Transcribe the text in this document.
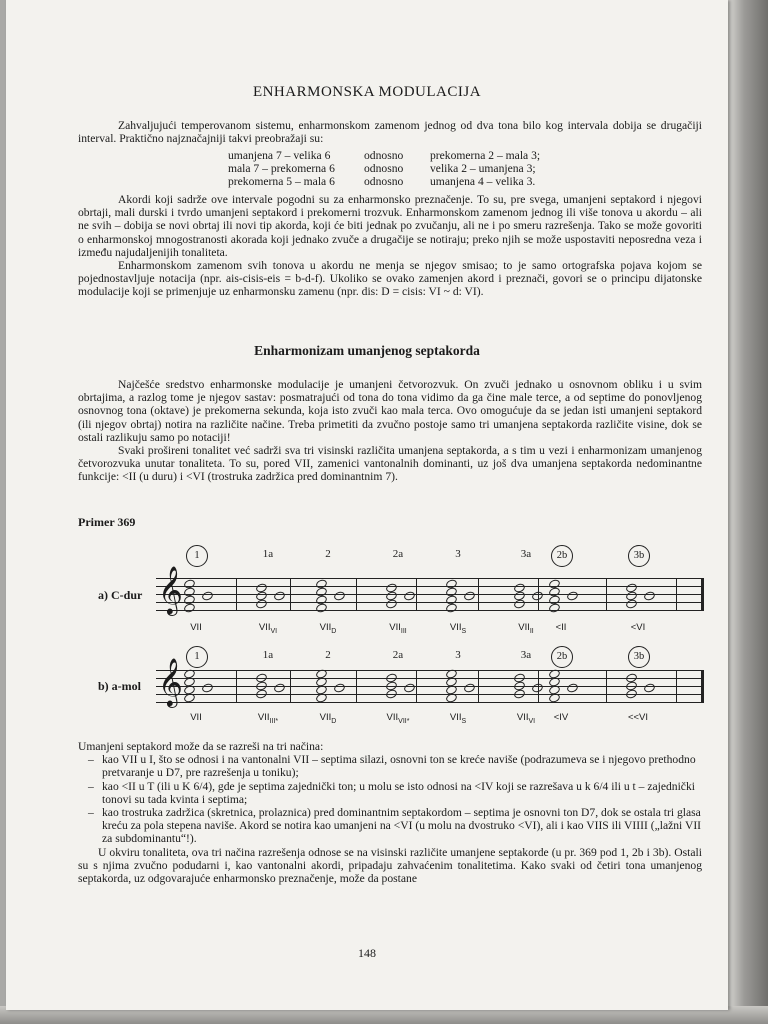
ENHARMONSKA MODULACIJA

Zahvaljujući temperovanom sistemu, enharmonskom zamenom jednog od dva tona bilo kog intervala dobija se drugačiji interval. Praktično najznačajniji takvi preobražaji su:

umanjena 7 – velika 6	odnosno	prekomerna 2 – mala 3;
mala 7 – prekomerna 6	odnosno	velika 2 – umanjena 3;
prekomerna 5 – mala 6	odnosno	umanjena 4 – velika 3.

Akordi koji sadrže ove intervale pogodni su za enharmonsko preznačenje. To su, pre svega, umanjeni septakord i njegovi obrtaji, mali durski i tvrdo umanjeni septakord i prekomerni trozvuk. Enharmonskom zamenom jednog ili više tonova u akordu – ali ne svih – dobija se novi obrtaj ili novi tip akorda, koji će biti jednak po zvučanju, ali ne i po smeru razrešenja. Tako se može govoriti o enharmonskoj mnogostranosti akorada koji jednako zvuče a drugačije se notiraju; preko njih se može uspostaviti neposredna veza i između najudaljenijih tonaliteta.

Enharmonskom zamenom svih tonova u akordu ne menja se njegov smisao; to je samo ortografska pojava kojom se pojednostavljuje notacija (npr. ais-cisis-eis = b-d-f). Ukoliko se ovako zamenjen akord i preznači, govori se o principu dijatonske modulacije koji se primenjuje uz enharmonsku zamenu (npr. dis: D = cisis: VI ~ d: VI).

Enharmonizam umanjenog septakorda

Najčešće sredstvo enharmonske modulacije je umanjeni četvorozvuk. On zvuči jednako u osnovnom obliku i u svim obrtajima, a razlog tome je njegov sastav: posmatrajući od tona do tona vidimo da ga čine male terce, a od septime do ponovljenog osnovnog tona (oktave) je prekomerna sekunda, koja isto zvuči kao mala terca. Ovo omogućuje da se jedan isti umanjeni septakord (ili njegov obrtaj) notira na različite načine. Treba primetiti da zvučno postoje samo tri umanjena septakorda različite visine, dok se ostali razlikuju samo po notaciji!

Svaki prošireni tonalitet već sadrži sva tri visinski različita umanjena septakorda, a s tim u vezi i enharmonizam umanjenog četvorozvuka unutar tonaliteta. To su, pored VII, zamenici vantonalnih dominanti, uz još dva umanjena septakorda nedominantne funkcije: <II (u duru) i <VI (trostruka zadržica pred dominantnim 7).

Primer 369
a) C-dur
1	1a	2	2a	3	3a	2b	3b
𝄞
VII	$VII_{VI}$	$VII_D$	$VII_{III}$	$VII_S$	$VII_{II}$	<II	<VI
b) a-mol
1	1a	2	2a	3	3a	2b	3b
𝄞
VII	$VII_{III*}$	$VII_D$	$VII_{VII*}$	$VII_S$	$VII_{VI}$	<IV	<<VI
Umanjeni septakord može da se razreši na tri načina:
– kao VII u I, što se odnosi i na vantonalni VII – septima silazi, osnovni ton se kreće naviše (podrazumeva se i njegovo prethodno pretvaranje u D7, pre razrešenja u toniku);
– kao <II u T (ili u K 6/4), gde je septima zajednički ton; u molu se isto odnosi na <IV koji se razrešava u k 6/4 ili u t – zajednički tonovi su tada kvinta i septima;
– kao trostruka zadržica (skretnica, prolaznica) pred dominantnim septakordom – septima je osnovni ton D7, dok se ostala tri glasa kreću za pola stepena naviše. Akord se notira kao umanjeni na <VI (u molu na dvostruko <VI), ali i kao VIIS ili VIIII („lažni VII za subdominantu“!).
U okviru tonaliteta, ova tri načina razrešenja odnose se na visinski različite umanjene septakorde (u pr. 369 pod 1, 2b i 3b). Ostali su s njima zvučno podudarni i, kao vantonalni akordi, pripadaju zahvaćenim tonalitetima. Kako svaki od četiri tona umanjenog septakorda, uz odgovarajuće enharmonsko preznačenje, može da postane
148
